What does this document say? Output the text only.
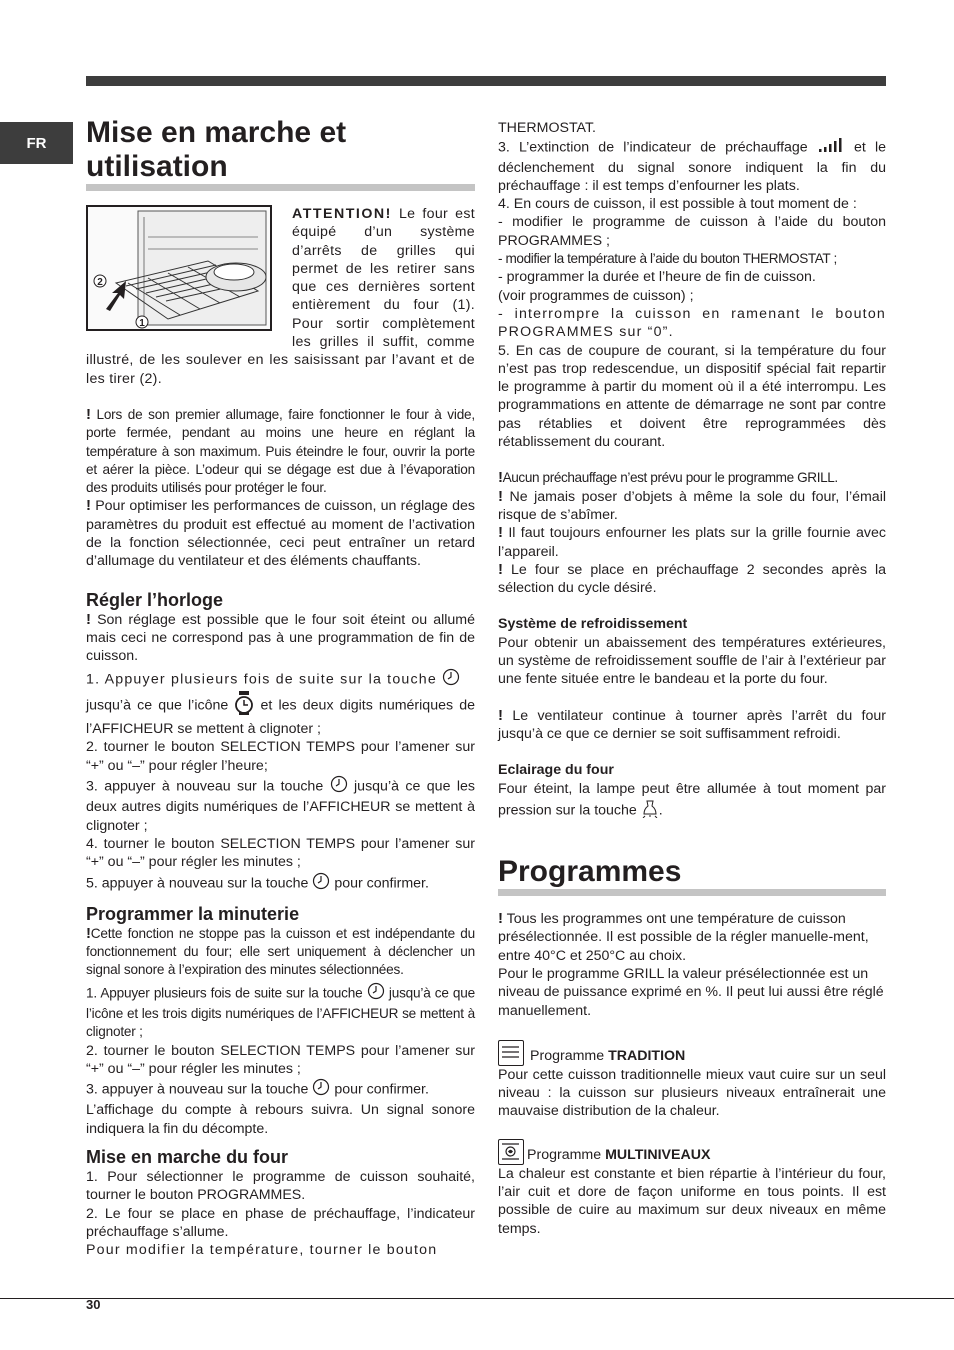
FR Mise en marche et utilisation
2
1

ATTENTION! Le four est équipé d’un système d’arrêts de grilles qui permet de les retirer sans que ces dernières sortent entièrement du four (1). Pour sortir complètement les grilles il suffit, comme illustré, de les soulever en les saisissant par l’avant et de les tirer (2).

! Lors de son premier allumage, faire fonctionner le four à vide, porte fermée, pendant au moins une heure en réglant la température à son maximum. Puis éteindre le four, ouvrir la porte et aérer la pièce. L’odeur qui se dégage est due à l’évaporation des produits utilisés pour protéger le four.

! Pour optimiser les performances de cuisson, un réglage des paramètres du produit est effectué au moment de l’activation de la fonction sélectionnée, ceci peut entraîner un retard d’allumage du ventilateur et des éléments chauffants.

Régler l’horloge

! Son réglage est possible que le four soit éteint ou allumé mais ceci ne correspond pas à une programmation de fin de cuisson.

1. Appuyer plusieurs fois de suite sur la touche
jusqu’à ce que l’icône  et les deux digits numériques de l’AFFICHEUR se mettent à clignoter ;

2. tourner le bouton SELECTION TEMPS pour l’amener sur “+” ou “–” pour régler l’heure;

3. appuyer à nouveau sur la touche  jusqu’à ce que les deux autres digits numériques de l’AFFICHEUR se mettent à clignoter ;

4. tourner le bouton SELECTION TEMPS pour l’amener sur “+” ou “–” pour régler les minutes ;

5. appuyer à nouveau sur la touche  pour confirmer.

Programmer la minuterie

!Cette fonction ne stoppe pas la cuisson et est indépendante du fonctionnement du four; elle sert uniquement à déclencher un signal sonore à l’expiration des minutes sélectionnées.

1. Appuyer plusieurs fois de suite sur la touche  jusqu’à ce que l’icône et les trois digits numériques de l’AFFICHEUR se mettent à clignoter ;

2. tourner le bouton SELECTION TEMPS pour l’amener sur “+” ou “–” pour régler les minutes ;

3. appuyer à nouveau sur la touche  pour confirmer.

L’affichage du compte à rebours suivra. Un signal sonore indiquera la fin du décompte.

Mise en marche du four

1. Pour sélectionner le programme de cuisson souhaité, tourner le bouton PROGRAMMES.

2. Le four se place en phase de préchauffage, l’indicateur préchauffage s’allume.

Pour modifier la température, tourner le bouton

THERMOSTAT.

3. L’extinction de l’indicateur de préchauffage  et le déclenchement du signal sonore indiquent la fin du préchauffage : il est temps d’enfourner les plats.

4. En cours de cuisson, il est possible à tout moment de :

- modifier le programme de cuisson à l’aide du bouton PROGRAMMES ;

- modifier la température à l’aide du bouton THERMOSTAT ;

- programmer la durée et l’heure de fin de cuisson.

(voir programmes de cuisson) ;

- interrompre la cuisson en ramenant le bouton PROGRAMMES sur “0”.

5. En cas de coupure de courant, si la température du four n’est pas trop redescendue, un dispositif spécial fait repartir le programme à partir du moment où il a été interrompu. Les programmations en attente de démarrage ne sont par contre pas rétablies et doivent être reprogrammées dès rétablissement du courant.

!Aucun préchauffage n’est prévu pour le programme GRILL.

! Ne jamais poser d’objets à même la sole du four, l’émail risque de s’abîmer.

! Il faut toujours enfourner les plats sur la grille fournie avec l’appareil.

! Le four se place en préchauffage 2 secondes après la sélection du cycle désiré.

Système de refroidissement

Pour obtenir un abaissement des températures extérieures, un système de refroidissement souffle de l’air à l’extérieur par une fente située entre le bandeau et la porte du four.

! Le ventilateur continue à tourner après l’arrêt du four jusqu’à ce que ce dernier se soit suffisamment refroidi.

Eclairage du four

Four éteint, la lampe peut être allumée à tout moment par pression sur la touche .

Programmes

! Tous les programmes ont une température de cuisson présélectionnée. Il est possible de la régler manuelle-ment, entre 40°C et 250°C au choix.

Pour le programme GRILL la valeur présélectionnée est un niveau de puissance exprimé en %. Il peut lui aussi être réglé manuellement.

Programme TRADITION

Pour cette cuisson traditionnelle mieux vaut cuire sur un seul niveau : la cuisson sur plusieurs niveaux entraînerait une mauvaise distribution de la chaleur.

Programme MULTINIVEAUX

La chaleur est constante et bien répartie à l’intérieur du four, l’air cuit et dore de façon uniforme en tous points. Il est possible de cuire au maximum sur deux niveaux en même temps.

30
